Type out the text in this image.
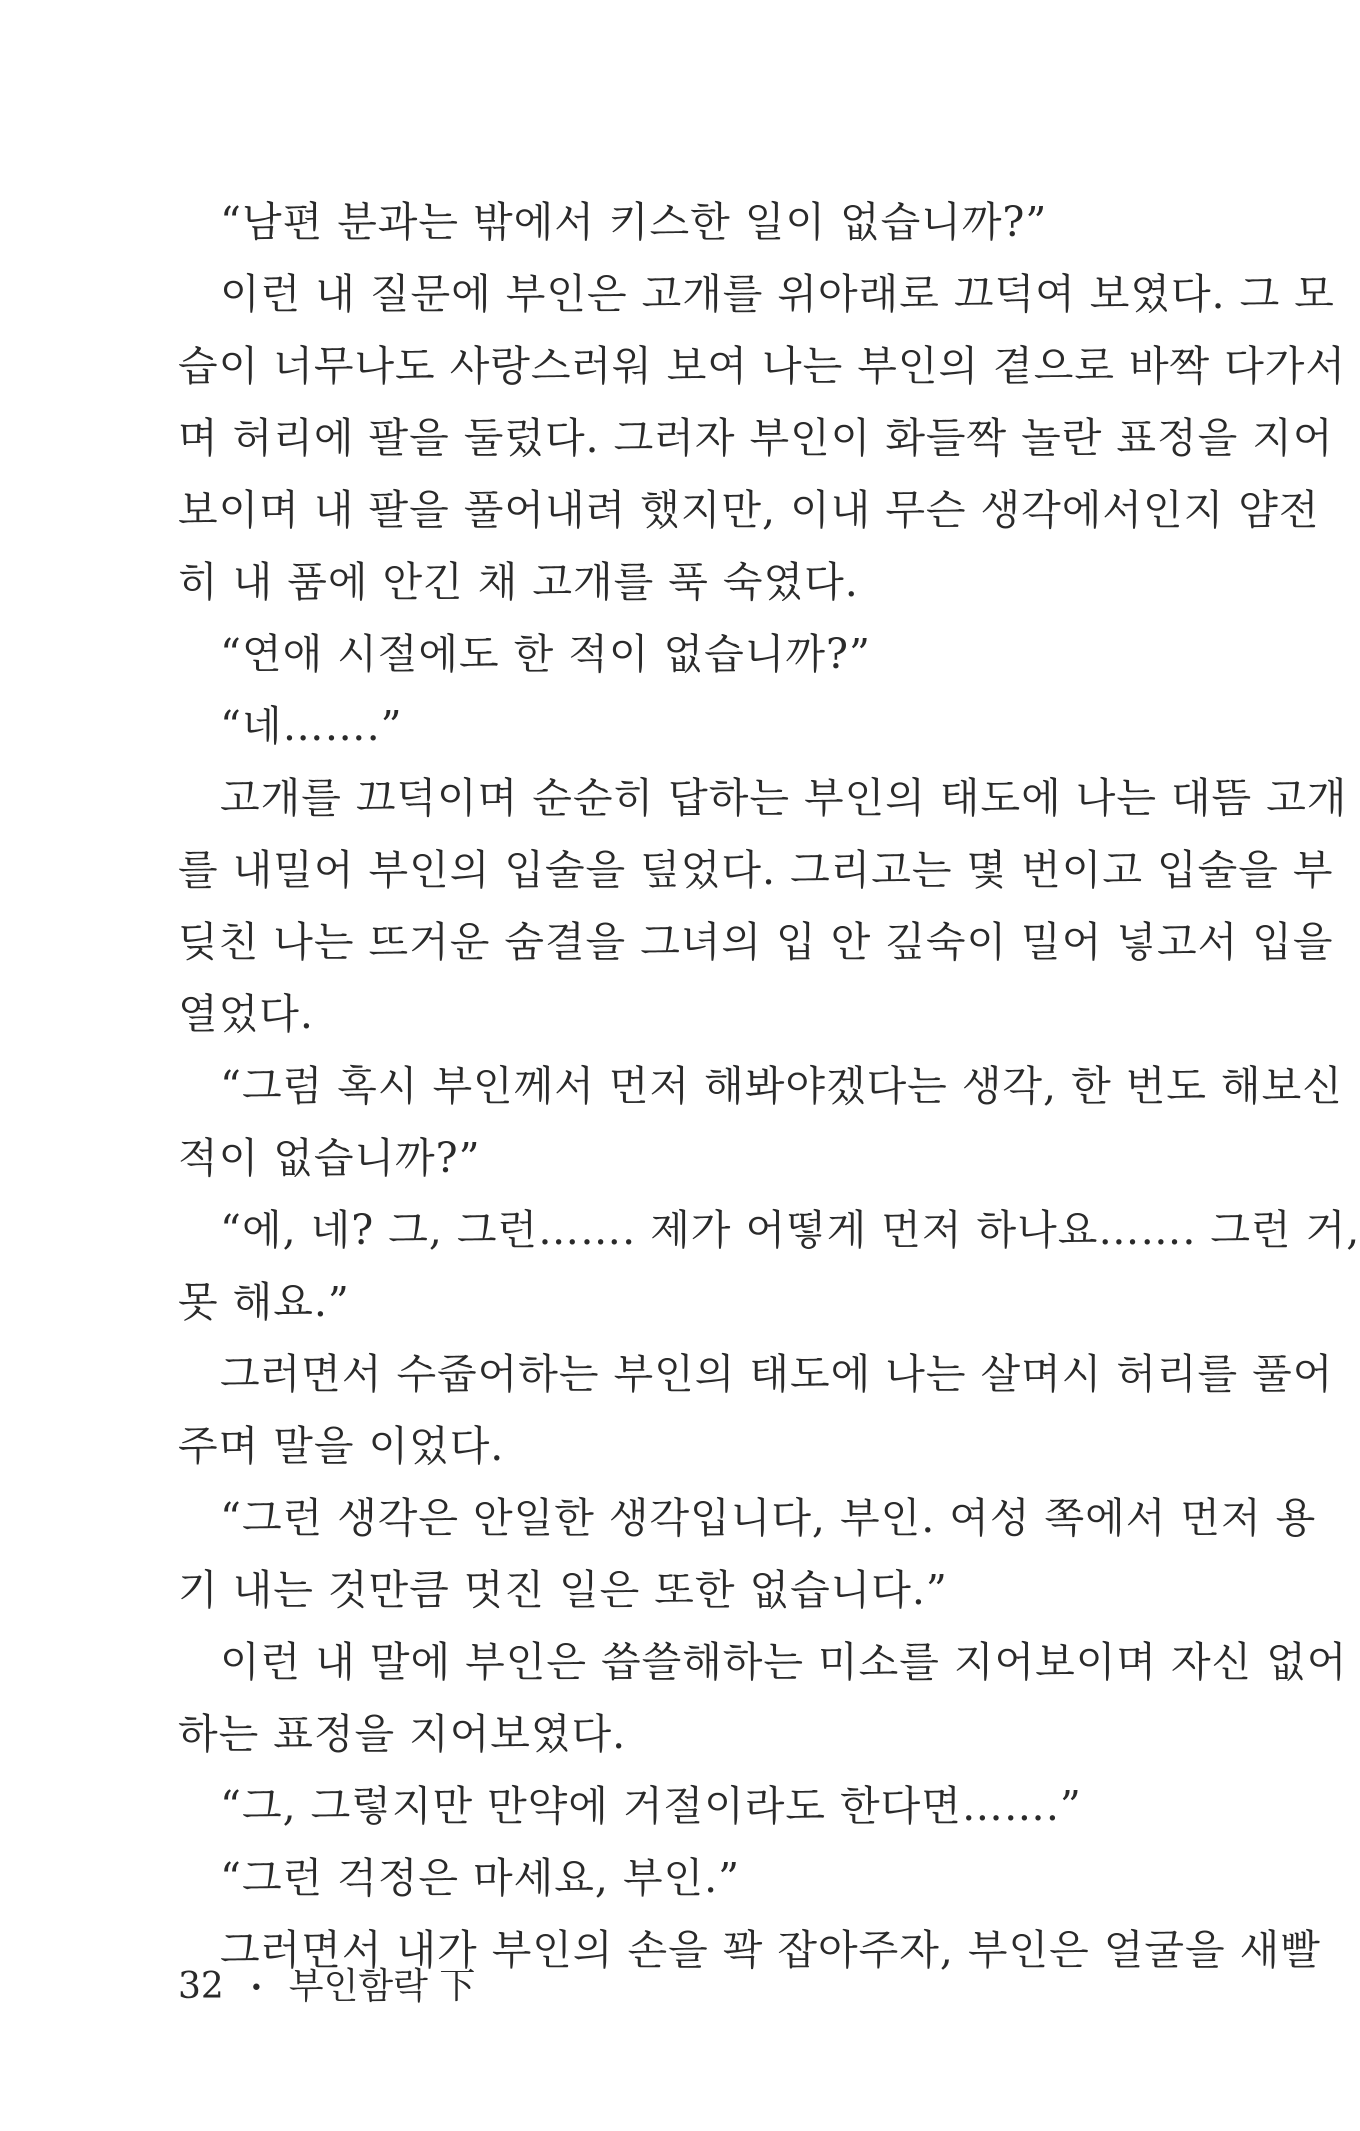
“남편 분과는 밖에서 키스한 일이 없습니까?”
이런 내 질문에 부인은 고개를 위아래로 끄덕여 보였다. 그 모
습이 너무나도 사랑스러워 보여 나는 부인의 곁으로 바짝 다가서
며 허리에 팔을 둘렀다. 그러자 부인이 화들짝 놀란 표정을 지어
보이며 내 팔을 풀어내려 했지만, 이내 무슨 생각에서인지 얌전
히 내 품에 안긴 채 고개를 푹 숙였다.
“연애 시절에도 한 적이 없습니까?”
“네…….”
고개를 끄덕이며 순순히 답하는 부인의 태도에 나는 대뜸 고개
를 내밀어 부인의 입술을 덮었다. 그리고는 몇 번이고 입술을 부
딪친 나는 뜨거운 숨결을 그녀의 입 안 깊숙이 밀어 넣고서 입을
열었다.
“그럼 혹시 부인께서 먼저 해봐야겠다는 생각, 한 번도 해보신
적이 없습니까?”
“에, 네? 그, 그런……. 제가 어떻게 먼저 하나요……. 그런 거,
못 해요.”
그러면서 수줍어하는 부인의 태도에 나는 살며시 허리를 풀어
주며 말을 이었다.
“그런 생각은 안일한 생각입니다, 부인. 여성 쪽에서 먼저 용
기 내는 것만큼 멋진 일은 또한 없습니다.”
이런 내 말에 부인은 씁쓸해하는 미소를 지어보이며 자신 없어
하는 표정을 지어보였다.
“그, 그렇지만 만약에 거절이라도 한다면…….”
“그런 걱정은 마세요, 부인.”
그러면서 내가 부인의 손을 꽉 잡아주자, 부인은 얼굴을 새빨
32 • 부인함락 下
